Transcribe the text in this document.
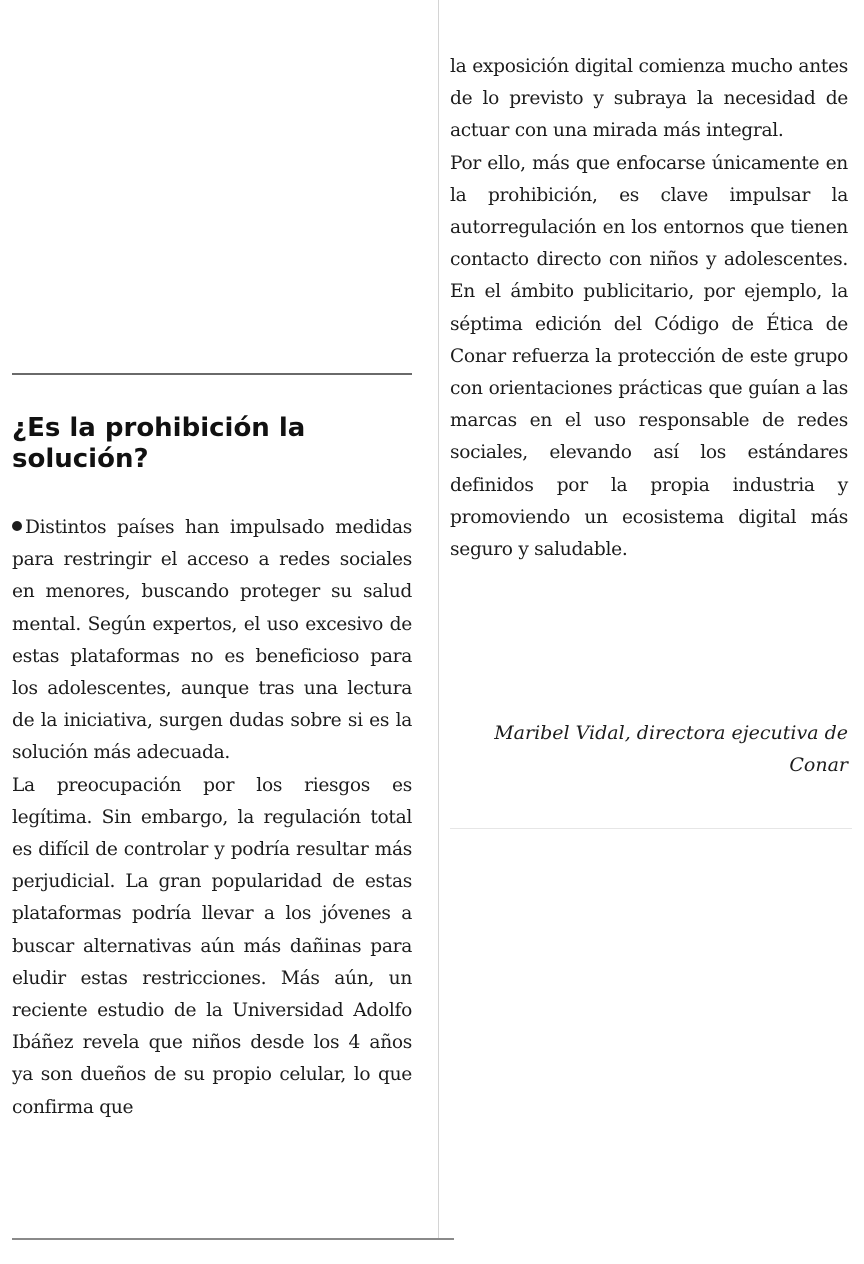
¿Es la prohibición la solución?

Distintos países han impulsado medidas para restringir el acceso a redes sociales en menores, buscando proteger su salud mental. Según expertos, el uso excesivo de estas plataformas no es beneficioso para los adolescentes, aunque tras una lectura de la iniciativa, surgen dudas sobre si es la solución más adecuada.

La preocupación por los riesgos es legítima. Sin embargo, la regulación total es difícil de controlar y podría resultar más perjudicial. La gran popularidad de estas plataformas podría llevar a los jóvenes a buscar alternativas aún más dañinas para eludir estas restricciones. Más aún, un reciente estudio de la Universidad Adolfo Ibáñez revela que niños desde los 4 años ya son dueños de su propio celular, lo que confirma que

la exposición digital comienza mucho antes de lo previsto y subraya la necesidad de actuar con una mirada más integral.

Por ello, más que enfocarse únicamente en la prohibición, es clave impulsar la autorregulación en los entornos que tienen contacto directo con niños y adolescentes. En el ámbito publicitario, por ejemplo, la séptima edición del Código de Ética de Conar refuerza la protección de este grupo con orientaciones prácticas que guían a las marcas en el uso responsable de redes sociales, elevando así los estándares definidos por la propia industria y promoviendo un ecosistema digital más seguro y saludable.

Maribel Vidal, directora ejecutiva de Conar
